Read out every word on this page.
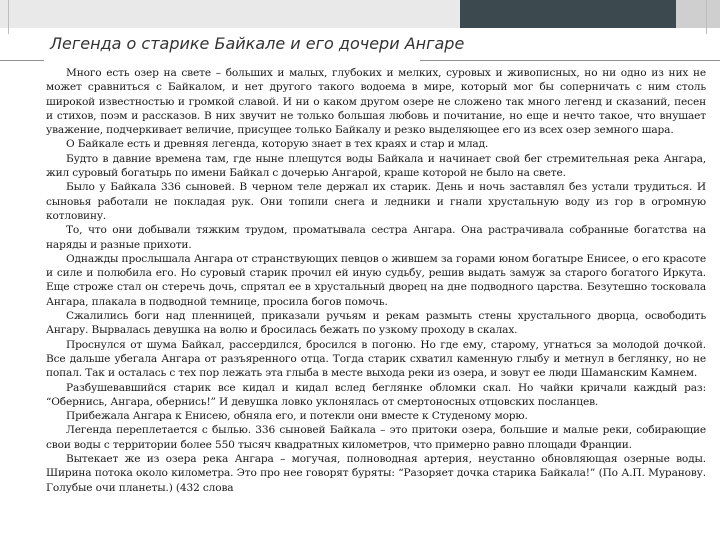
Легенда о старике Байкале и его дочери Ангаре

Много есть озер на свете – больших и малых, глубоких и мелких, суровых и живописных, но ни одно из них не может сравниться с Байкалом, и нет другого такого водоема в мире, который мог бы соперничать с ним столь широкой известностью и громкой славой. И ни о каком другом озере не сложено так много легенд и сказаний, песен и стихов, поэм и рассказов. В них звучит не только большая любовь и почитание, но еще и нечто такое, что внушает уважение, подчеркивает величие, присущее только Байкалу и резко выделяющее его из всех озер земного шара.

О Байкале есть и древняя легенда, которую знает в тех краях и стар и млад.

Будто в давние времена там, где ныне плещутся воды Байкала и начинает свой бег стремительная река Ангара, жил суровый богатырь по имени Байкал с дочерью Ангарой, краше которой не было на свете.

Было у Байкала 336 сыновей. В черном теле держал их старик. День и ночь заставлял без устали трудиться. И сыновья работали не покладая рук. Они топили снега и ледники и гнали хрустальную воду из гор в огромную котловину.

То, что они добывали тяжким трудом, проматывала сестра Ангара. Она растрачивала собранные богатства на наряды и разные прихоти.

Однажды прослышала Ангара от странствующих певцов о жившем за горами юном богатыре Енисее, о его красоте и силе и полюбила его. Но суровый старик прочил ей иную судьбу, решив выдать замуж за старого богатого Иркута. Еще строже стал он стеречь дочь, спрятал ее в хрустальный дворец на дне подводного царства. Безутешно тосковала Ангара, плакала в подводной темнице, просила богов помочь.

Сжалились боги над пленницей, приказали ручьям и рекам размыть стены хрустального дворца, освободить Ангару. Вырвалась девушка на волю и бросилась бежать по узкому проходу в скалах.

Проснулся от шума Байкал, рассердился, бросился в погоню. Но где ему, старому, угнаться за молодой дочкой. Все дальше убегала Ангара от разъяренного отца. Тогда старик схватил каменную глыбу и метнул в беглянку, но не попал. Так и осталась с тех пор лежать эта глыба в месте выхода реки из озера, и зовут ее люди Шаманским Камнем.

Разбушевавшийся старик все кидал и кидал вслед беглянке обломки скал. Но чайки кричали каждый раз: “Обернись, Ангара, обернись!” И девушка ловко уклонялась от смертоносных отцовских посланцев.

Прибежала Ангара к Енисею, обняла его, и потекли они вместе к Студеному морю.

Легенда переплетается с былью. 336 сыновей Байкала – это притоки озера, большие и малые реки, собирающие свои воды с территории более 550 тысяч квадратных километров, что примерно равно площади Франции.

Вытекает же из озера река Ангара – могучая, полноводная артерия, неустанно обновляющая озерные воды. Ширина потока около километра. Это про нее говорят буряты: “Разоряет дочка старика Байкала!” (По А.П. Муранову. Голубые очи планеты.) (432 слова
